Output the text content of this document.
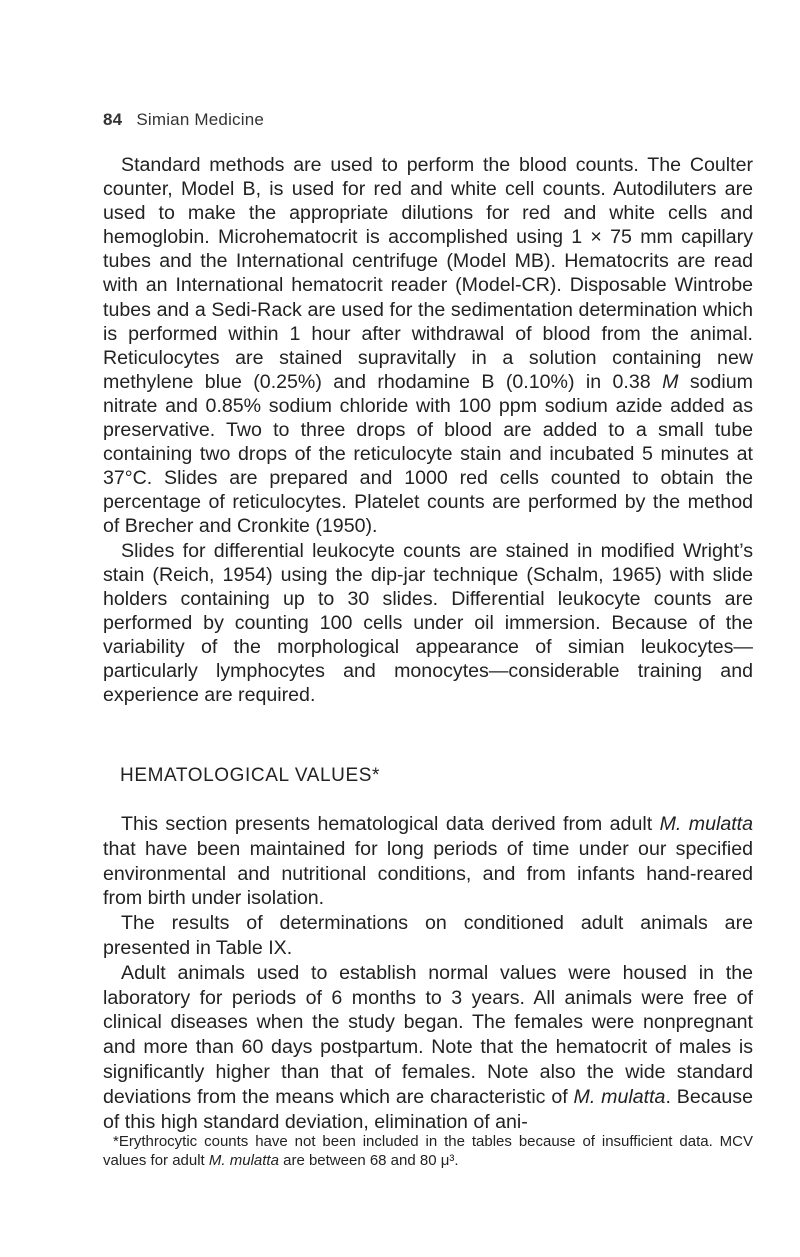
84 Simian Medicine

Standard methods are used to perform the blood counts. The Coulter counter, Model B, is used for red and white cell counts. Autodiluters are used to make the appropriate dilutions for red and white cells and hemoglobin. Microhematocrit is accomplished using 1 × 75 mm capillary tubes and the International centrifuge (Model MB). Hematocrits are read with an International hematocrit reader (Model-CR). Disposable Wintrobe tubes and a Sedi-Rack are used for the sedimentation determination which is performed within 1 hour after withdrawal of blood from the animal. Reticulocytes are stained supravitally in a solution containing new methylene blue (0.25%) and rhodamine B (0.10%) in 0.38 M sodium nitrate and 0.85% sodium chloride with 100 ppm sodium azide added as preservative. Two to three drops of blood are added to a small tube containing two drops of the reticulocyte stain and incubated 5 minutes at 37°C. Slides are prepared and 1000 red cells counted to obtain the percentage of reticulocytes. Platelet counts are performed by the method of Brecher and Cronkite (1950).

Slides for differential leukocyte counts are stained in modified Wright’s stain (Reich, 1954) using the dip-jar technique (Schalm, 1965) with slide holders containing up to 30 slides. Differential leukocyte counts are performed by counting 100 cells under oil immersion. Because of the variability of the morphological appearance of simian leukocytes—particularly lymphocytes and monocytes—considerable training and experience are required.

HEMATOLOGICAL VALUES*

This section presents hematological data derived from adult M. mulatta that have been maintained for long periods of time under our specified environmental and nutritional conditions, and from infants hand-reared from birth under isolation.

The results of determinations on conditioned adult animals are presented in Table IX.

Adult animals used to establish normal values were housed in the laboratory for periods of 6 months to 3 years. All animals were free of clinical diseases when the study began. The females were nonpregnant and more than 60 days postpartum. Note that the hematocrit of males is significantly higher than that of females. Note also the wide standard deviations from the means which are characteristic of M. mulatta. Because of this high standard deviation, elimination of ani-

*Erythrocytic counts have not been included in the tables because of insufficient data. MCV values for adult M. mulatta are between 68 and 80 μ³.
